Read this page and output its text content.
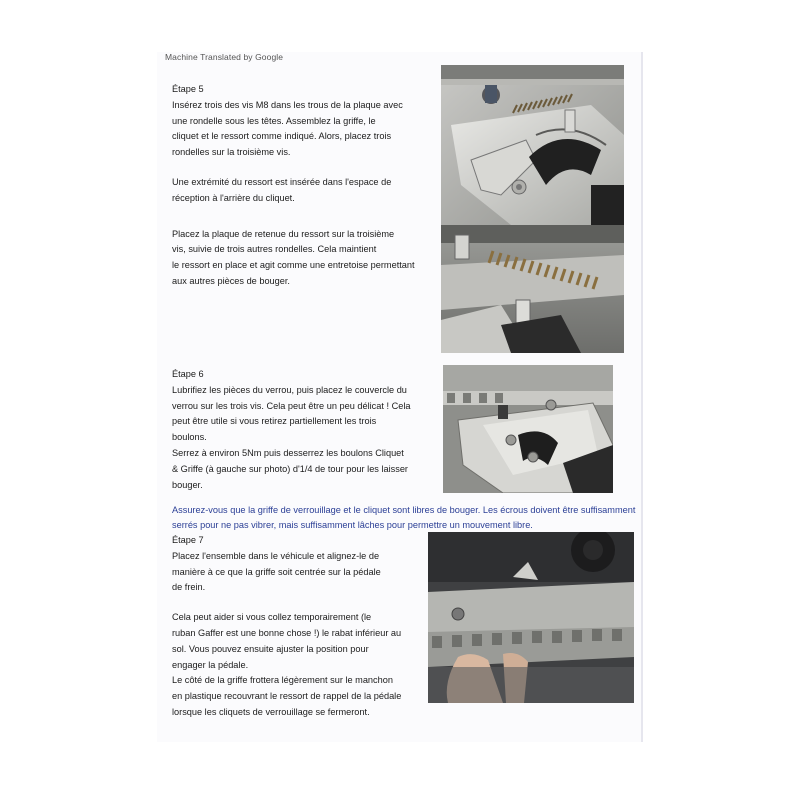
Machine Translated by Google
Étape 5
Insérez trois des vis M8 dans les trous de la plaque avec
une rondelle sous les têtes. Assemblez la griffe, le
cliquet et le ressort comme indiqué. Alors, placez trois
rondelles sur la troisième vis.
Une extrémité du ressort est insérée dans l'espace de
réception à l'arrière du cliquet.
Placez la plaque de retenue du ressort sur la troisième
vis, suivie de trois autres rondelles. Cela maintient
le ressort en place et agit comme une entretoise permettant
aux autres pièces de bouger.
Étape 6
Lubrifiez les pièces du verrou, puis placez le couvercle du
verrou sur les trois vis. Cela peut être un peu délicat ! Cela
peut être utile si vous retirez partiellement les trois
boulons.
Serrez à environ 5Nm puis desserrez les boulons Cliquet
& Griffe (à gauche sur photo) d'1/4 de tour pour les laisser
bouger.
Assurez-vous que la griffe de verrouillage et le cliquet sont libres de bouger. Les écrous doivent être suffisamment
serrés pour ne pas vibrer, mais suffisamment lâches pour permettre un mouvement libre.
Étape 7
Placez l'ensemble dans le véhicule et alignez-le de
manière à ce que la griffe soit centrée sur la pédale
de frein.
Cela peut aider si vous collez temporairement (le
ruban Gaffer est une bonne chose !) le rabat inférieur au
sol. Vous pouvez ensuite ajuster la position pour
engager la pédale.
Le côté de la griffe frottera légèrement sur le manchon
en plastique recouvrant le ressort de rappel de la pédale
lorsque les cliquets de verrouillage se fermeront.
